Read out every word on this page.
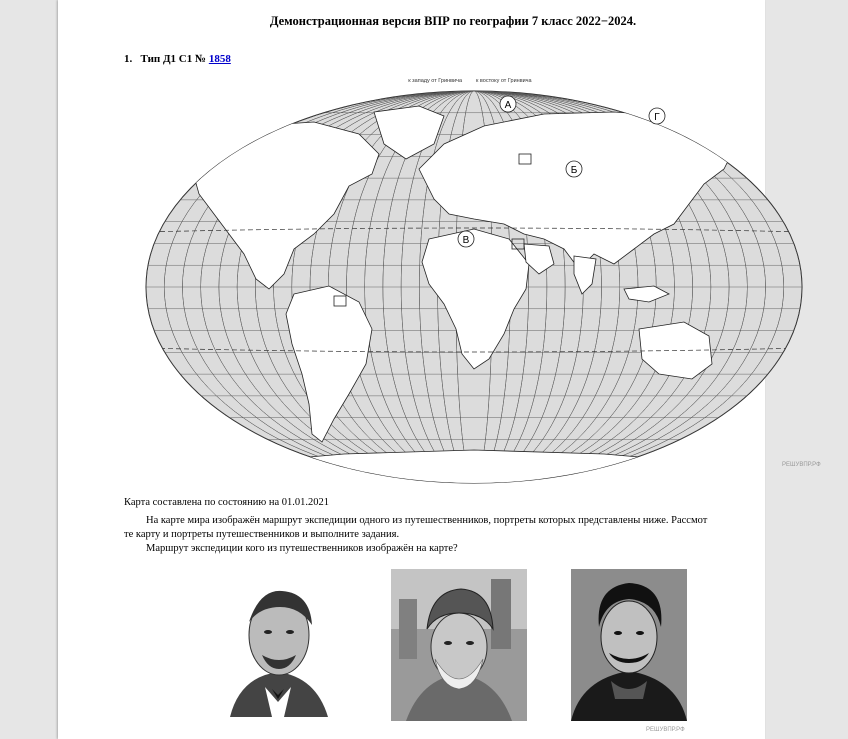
Демонстрационная версия ВПР по географии 7 класс 2022−2024.
1. Тип Д1 С1 № 1858
А
Б
В
Г
к западу от Гринвича	к востоку от Гринвича
РЕШУВПР.РФ
Карта составлена по состоянию на 01.01.2021
На карте мира изображён маршрут экспедиции одного из путешественников, портреты которых представлены ниже. Рассмот
те карту и портреты путешественников и выполните задания.
Маршрут экспедиции кого из путешественников изображён на карте?
РЕШУВПР.РФ
